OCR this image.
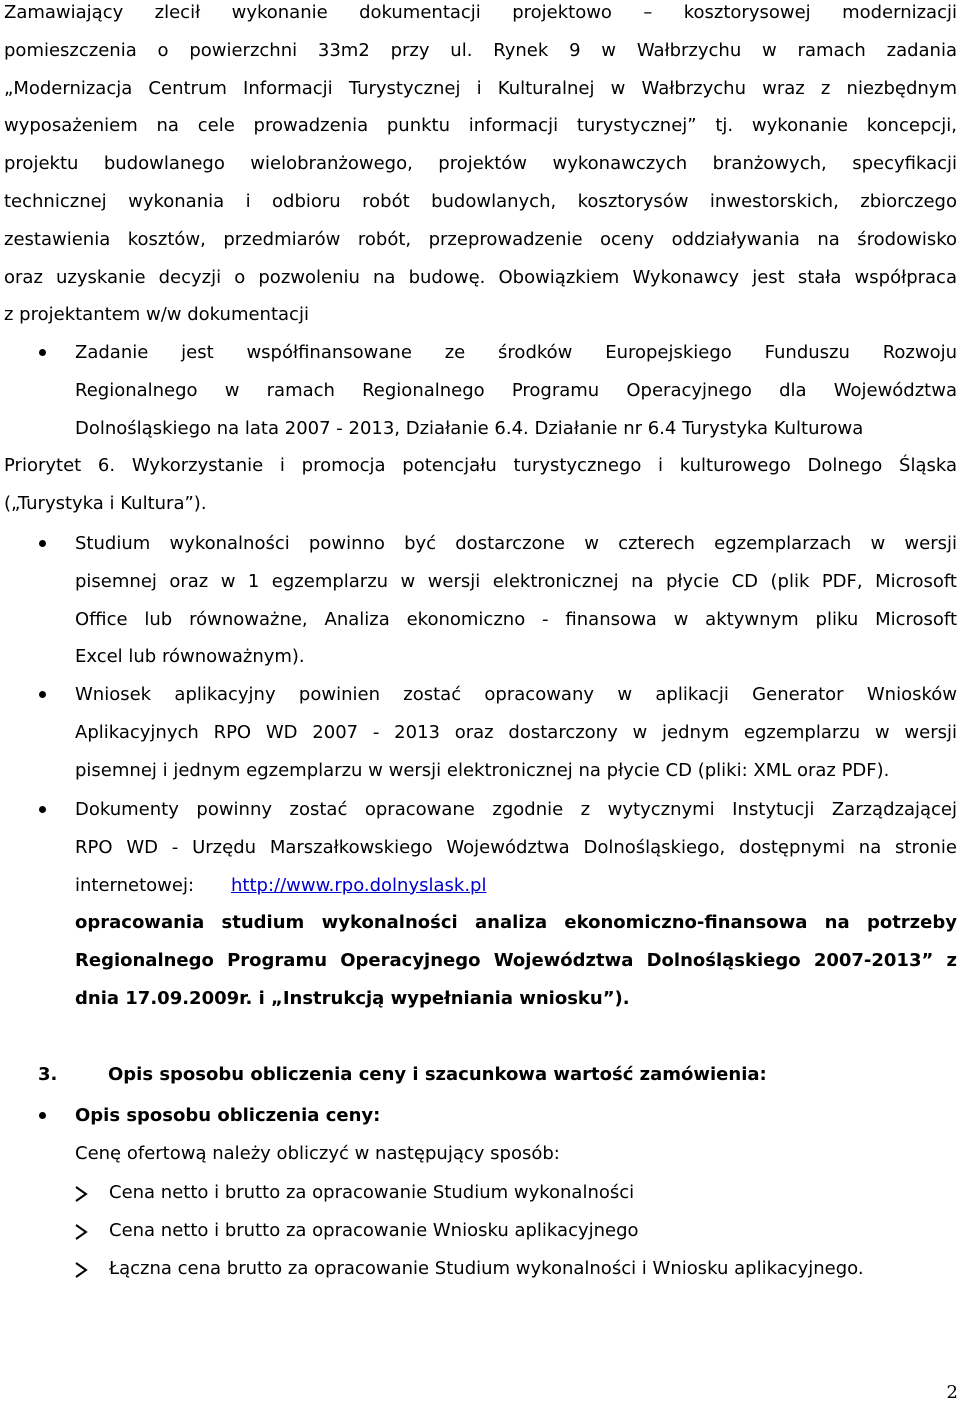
Zamawiający zlecił wykonanie dokumentacji projektowo – kosztorysowej modernizacji
pomieszczenia o powierzchni 33m2 przy ul. Rynek 9 w Wałbrzychu w ramach zadania
„Modernizacja Centrum Informacji Turystycznej i Kulturalnej w Wałbrzychu wraz z niezbędnym
wyposażeniem na cele prowadzenia punktu informacji turystycznej” tj. wykonanie koncepcji,
projektu budowlanego wielobranżowego, projektów wykonawczych branżowych, specyfikacji
technicznej wykonania i odbioru robót budowlanych, kosztorysów inwestorskich, zbiorczego
zestawienia kosztów, przedmiarów robót, przeprowadzenie oceny oddziaływania na środowisko
oraz uzyskanie decyzji o pozwoleniu na budowę. Obowiązkiem Wykonawcy jest stała współpraca
z projektantem w/w dokumentacji
Zadanie jest współfinansowane ze środków Europejskiego Funduszu Rozwoju
Regionalnego w ramach Regionalnego Programu Operacyjnego dla Województwa
Dolnośląskiego na lata 2007 - 2013, Działanie 6.4. Działanie nr 6.4 Turystyka Kulturowa
Priorytet 6. Wykorzystanie i promocja potencjału turystycznego i kulturowego Dolnego Śląska
(„Turystyka i Kultura”).
Studium wykonalności powinno być dostarczone w czterech egzemplarzach w wersji
pisemnej oraz w 1 egzemplarzu w wersji elektronicznej na płycie CD (plik PDF, Microsoft
Office lub równoważne, Analiza ekonomiczno - finansowa w aktywnym pliku Microsoft
Excel lub równoważnym).
Wniosek aplikacyjny powinien zostać opracowany w aplikacji Generator Wniosków
Aplikacyjnych RPO WD 2007 - 2013 oraz dostarczony w jednym egzemplarzu w wersji
pisemnej i jednym egzemplarzu w wersji elektronicznej na płycie CD (pliki: XML oraz PDF).
Dokumenty powinny zostać opracowane zgodnie z wytycznymi Instytucji Zarządzającej
RPO WD - Urzędu Marszałkowskiego Województwa Dolnośląskiego, dostępnymi na stronie
internetowej: http://www.rpo.dolnyslask.pl
opracowania studium wykonalności analiza ekonomiczno-finansowa na potrzeby
Regionalnego Programu Operacyjnego Województwa Dolnośląskiego 2007-2013” z
dnia 17.09.2009r. i „Instrukcją wypełniania wniosku”).
3.	Opis sposobu obliczenia ceny i szacunkowa wartość zamówienia:
Opis sposobu obliczenia ceny:
Cenę ofertową należy obliczyć w następujący sposób:
Cena netto i brutto za opracowanie Studium wykonalności
Cena netto i brutto za opracowanie Wniosku aplikacyjnego
Łączna cena brutto za opracowanie Studium wykonalności i Wniosku aplikacyjnego.
2
